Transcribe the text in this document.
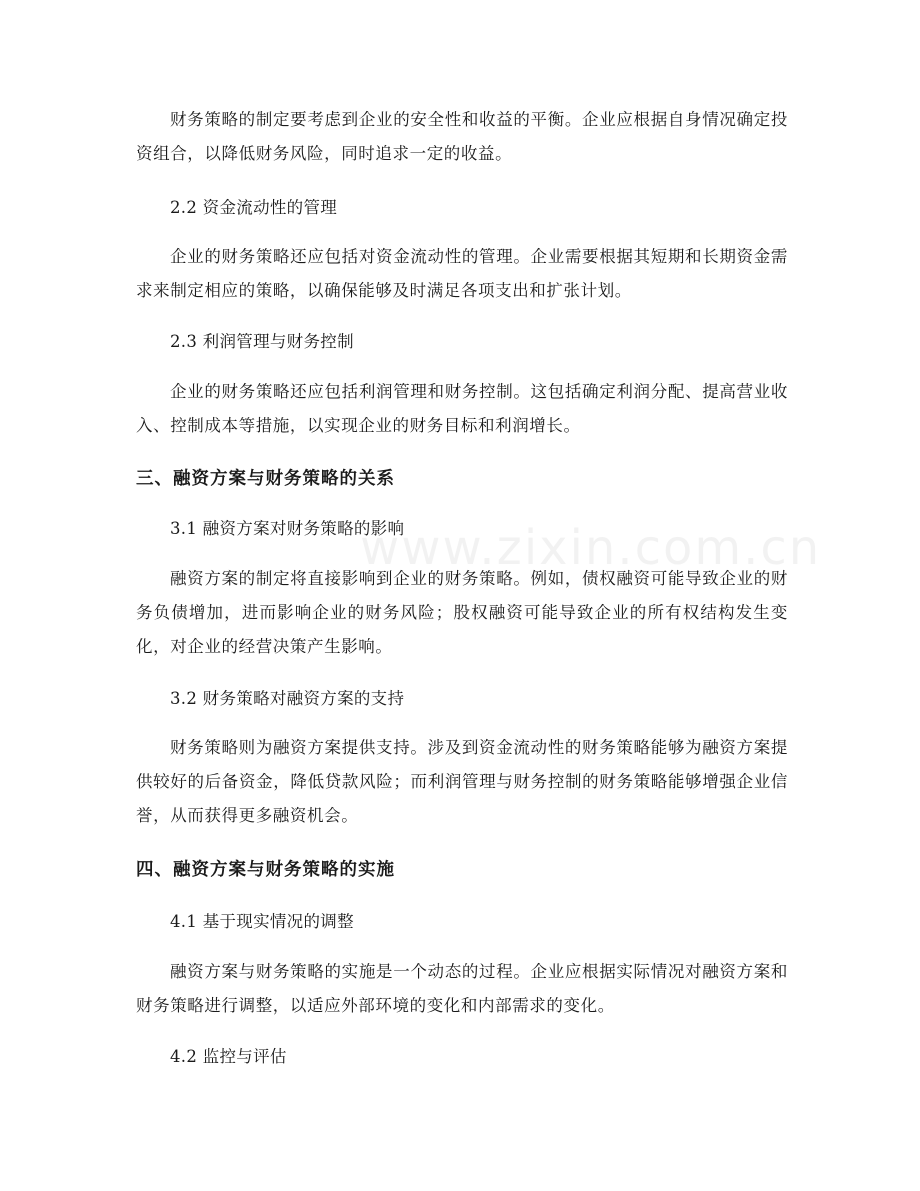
www.zixin.com.cn

财务策略的制定要考虑到企业的安全性和收益的平衡。企业应根据自身情况确定投资组合，以降低财务风险，同时追求一定的收益。

2.2 资金流动性的管理

企业的财务策略还应包括对资金流动性的管理。企业需要根据其短期和长期资金需求来制定相应的策略，以确保能够及时满足各项支出和扩张计划。

2.3 利润管理与财务控制

企业的财务策略还应包括利润管理和财务控制。这包括确定利润分配、提高营业收入、控制成本等措施，以实现企业的财务目标和利润增长。

三、融资方案与财务策略的关系

3.1 融资方案对财务策略的影响

融资方案的制定将直接影响到企业的财务策略。例如，债权融资可能导致企业的财务负债增加，进而影响企业的财务风险；股权融资可能导致企业的所有权结构发生变化，对企业的经营决策产生影响。

3.2 财务策略对融资方案的支持

财务策略则为融资方案提供支持。涉及到资金流动性的财务策略能够为融资方案提供较好的后备资金，降低贷款风险；而利润管理与财务控制的财务策略能够增强企业信誉，从而获得更多融资机会。

四、融资方案与财务策略的实施

4.1 基于现实情况的调整

融资方案与财务策略的实施是一个动态的过程。企业应根据实际情况对融资方案和财务策略进行调整，以适应外部环境的变化和内部需求的变化。

4.2 监控与评估
